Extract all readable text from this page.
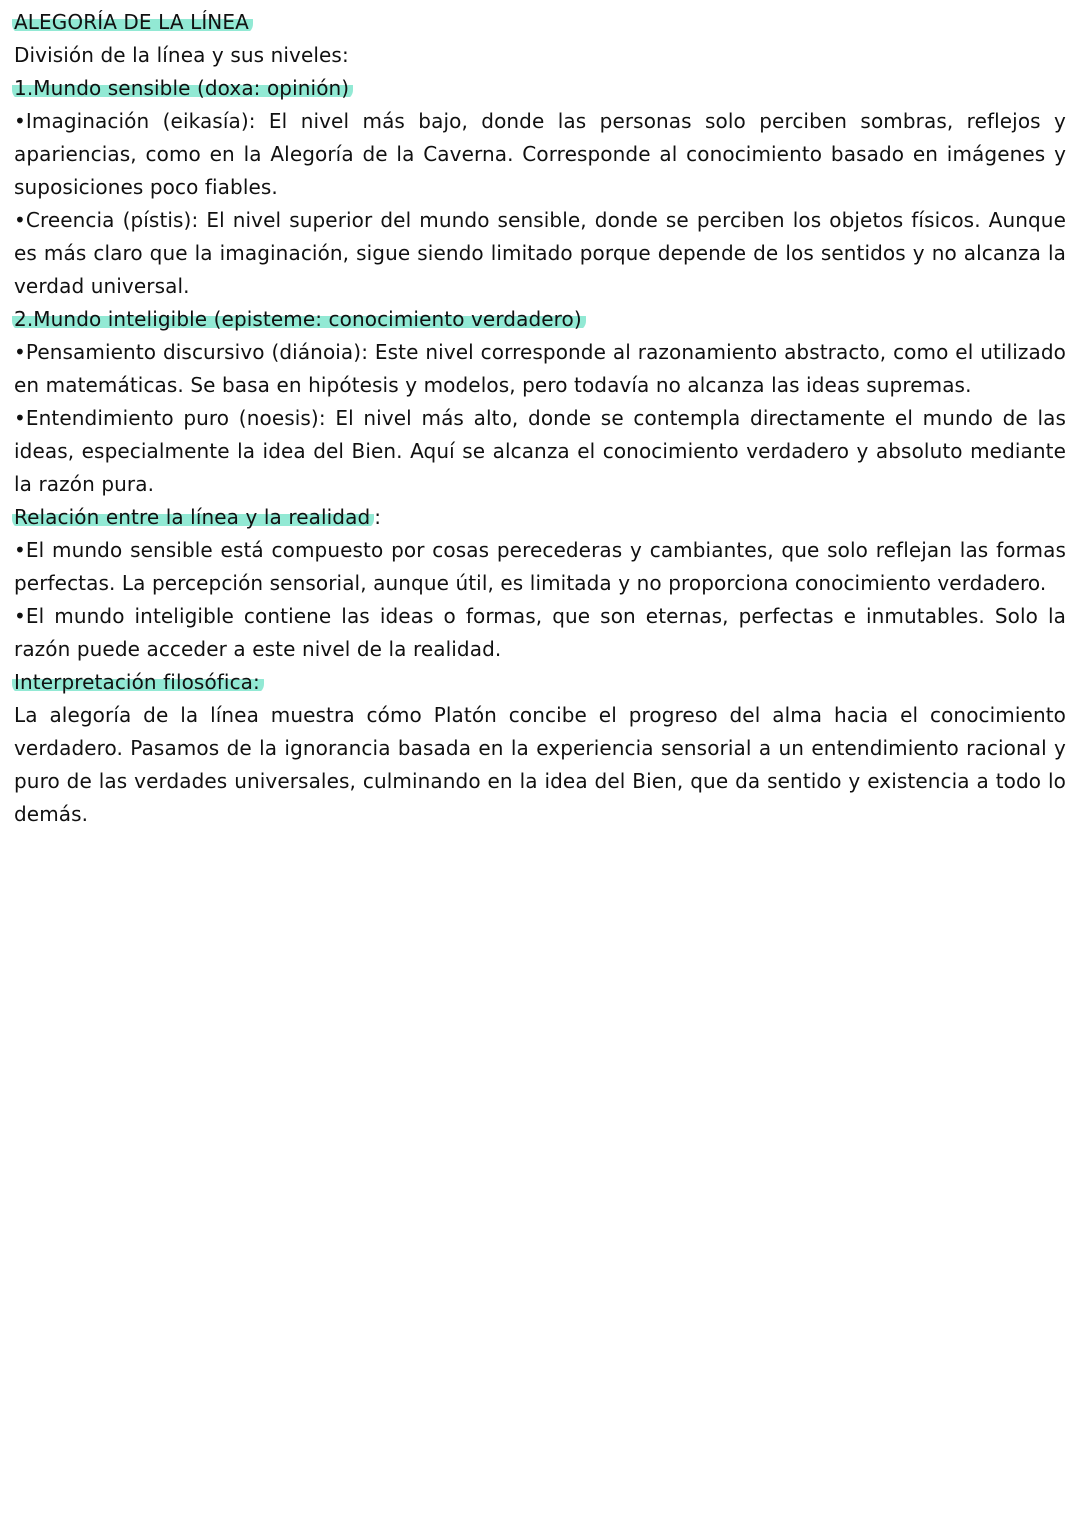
ALEGORÍA DE LA LÍNEA

División de la línea y sus niveles:

1.Mundo sensible (doxa: opinión)

•Imaginación (eikasía): El nivel más bajo, donde las personas solo perciben sombras, reflejos y apariencias, como en la Alegoría de la Caverna. Corresponde al conocimiento basado en imágenes y suposiciones poco fiables.

•Creencia (pístis): El nivel superior del mundo sensible, donde se perciben los objetos físicos. Aunque es más claro que la imaginación, sigue siendo limitado porque depende de los sentidos y no alcanza la verdad universal.

2.Mundo inteligible (episteme: conocimiento verdadero)

•Pensamiento discursivo (diánoia): Este nivel corresponde al razonamiento abstracto, como el utilizado en matemáticas. Se basa en hipótesis y modelos, pero todavía no alcanza las ideas supremas.

•Entendimiento puro (noesis): El nivel más alto, donde se contempla directamente el mundo de las ideas, especialmente la idea del Bien. Aquí se alcanza el conocimiento verdadero y absoluto mediante la razón pura.

Relación entre la línea y la realidad :

•El mundo sensible está compuesto por cosas perecederas y cambiantes, que solo reflejan las formas perfectas. La percepción sensorial, aunque útil, es limitada y no proporciona conocimiento verdadero.

•El mundo inteligible contiene las ideas o formas, que son eternas, perfectas e inmutables. Solo la razón puede acceder a este nivel de la realidad.

Interpretación filosófica:

La alegoría de la línea muestra cómo Platón concibe el progreso del alma hacia el conocimiento verdadero. Pasamos de la ignorancia basada en la experiencia sensorial a un entendimiento racional y puro de las verdades universales, culminando en la idea del Bien, que da sentido y existencia a todo lo demás.
